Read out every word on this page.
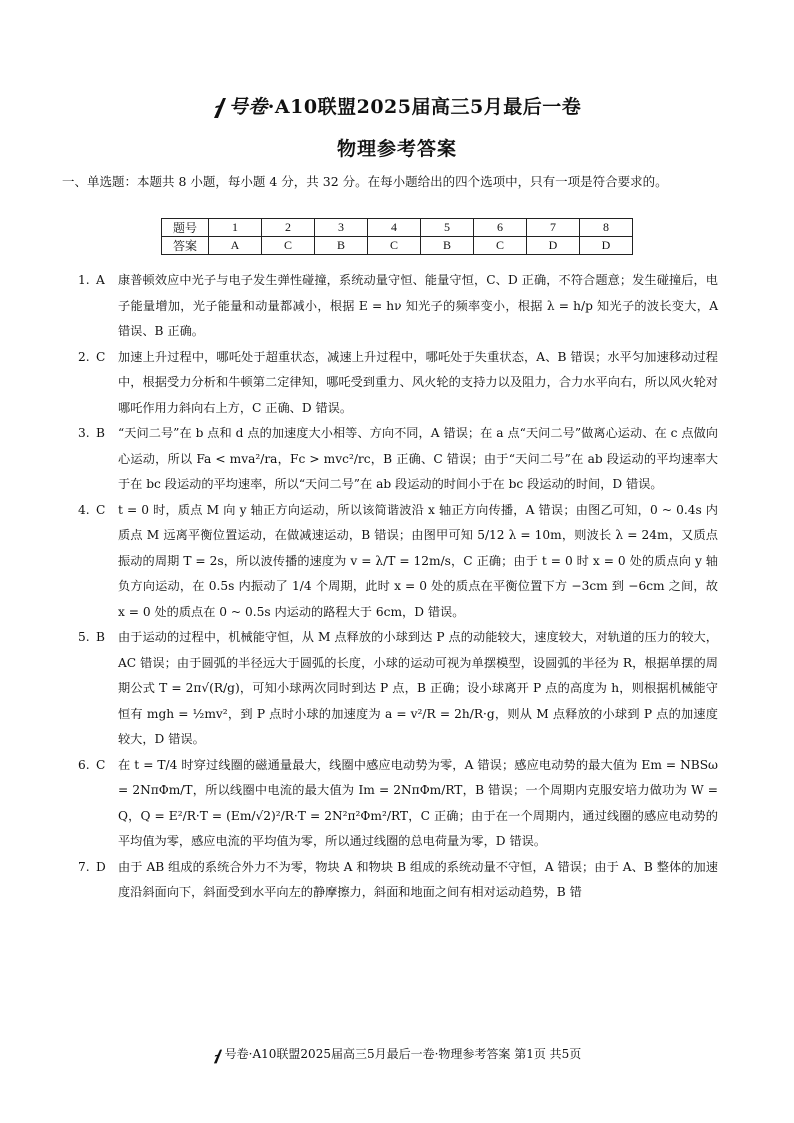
号卷·A10联盟2025届高三5月最后一卷
物理参考答案
一、单选题：本题共 8 小题，每小题 4 分，共 32 分。在每小题给出的四个选项中，只有一项是符合要求的。
题号	1	2	3	4	5	6	7	8
答案	A	C	B	C	B	C	D	D
1. A 康普顿效应中光子与电子发生弹性碰撞，系统动量守恒、能量守恒，C、D 正确，不符合题意；发生碰撞后，电子能量增加，光子能量和动量都减小，根据 E = hν 知光子的频率变小，根据 λ = h/p 知光子的波长变大，A 错误、B 正确。

2. C 加速上升过程中，哪吒处于超重状态，减速上升过程中，哪吒处于失重状态，A、B 错误；水平匀加速移动过程中，根据受力分析和牛顿第二定律知，哪吒受到重力、风火轮的支持力以及阻力，合力水平向右，所以风火轮对哪吒作用力斜向右上方，C 正确、D 错误。

3. B “天问二号”在 b 点和 d 点的加速度大小相等、方向不同，A 错误；在 a 点“天问二号”做离心运动、在 c 点做向心运动，所以 Fa < mva²/ra，Fc > mvc²/rc，B 正确、C 错误；由于“天问二号”在 ab 段运动的平均速率大于在 bc 段运动的平均速率，所以“天问二号”在 ab 段运动的时间小于在 bc 段运动的时间，D 错误。

4. C t = 0 时，质点 M 向 y 轴正方向运动，所以该简谐波沿 x 轴正方向传播，A 错误；由图乙可知，0 ~ 0.4s 内质点 M 远离平衡位置运动，在做减速运动，B 错误；由图甲可知 5/12 λ = 10m，则波长 λ = 24m，又质点振动的周期 T = 2s，所以波传播的速度为 v = λ/T = 12m/s，C 正确；由于 t = 0 时 x = 0 处的质点向 y 轴负方向运动，在 0.5s 内振动了 1/4 个周期，此时 x = 0 处的质点在平衡位置下方 −3cm 到 −6cm 之间，故 x = 0 处的质点在 0 ~ 0.5s 内运动的路程大于 6cm，D 错误。

5. B 由于运动的过程中，机械能守恒，从 M 点释放的小球到达 P 点的动能较大，速度较大，对轨道的压力的较大，AC 错误；由于圆弧的半径远大于圆弧的长度，小球的运动可视为单摆模型，设圆弧的半径为 R，根据单摆的周期公式 T = 2π√(R/g)，可知小球两次同时到达 P 点，B 正确；设小球离开 P 点的高度为 h，则根据机械能守恒有 mgh = ½mv²，到 P 点时小球的加速度为 a = v²/R = 2h/R·g，则从 M 点释放的小球到 P 点的加速度较大，D 错误。

6. C 在 t = T/4 时穿过线圈的磁通量最大，线圈中感应电动势为零，A 错误；感应电动势的最大值为 Em = NBSω = 2NπΦm/T，所以线圈中电流的最大值为 Im = 2NπΦm/RT，B 错误；一个周期内克服安培力做功为 W = Q，Q = E²/R·T = (Em/√2)²/R·T = 2N²π²Φm²/RT，C 正确；由于在一个周期内，通过线圈的感应电动势的平均值为零，感应电流的平均值为零，所以通过线圈的总电荷量为零，D 错误。

7. D 由于 AB 组成的系统合外力不为零，物块 A 和物块 B 组成的系统动量不守恒，A 错误；由于 A、B 整体的加速度沿斜面向下，斜面受到水平向左的静摩擦力，斜面和地面之间有相对运动趋势，B 错

号卷·A10联盟2025届高三5月最后一卷·物理参考答案 第1页 共5页
